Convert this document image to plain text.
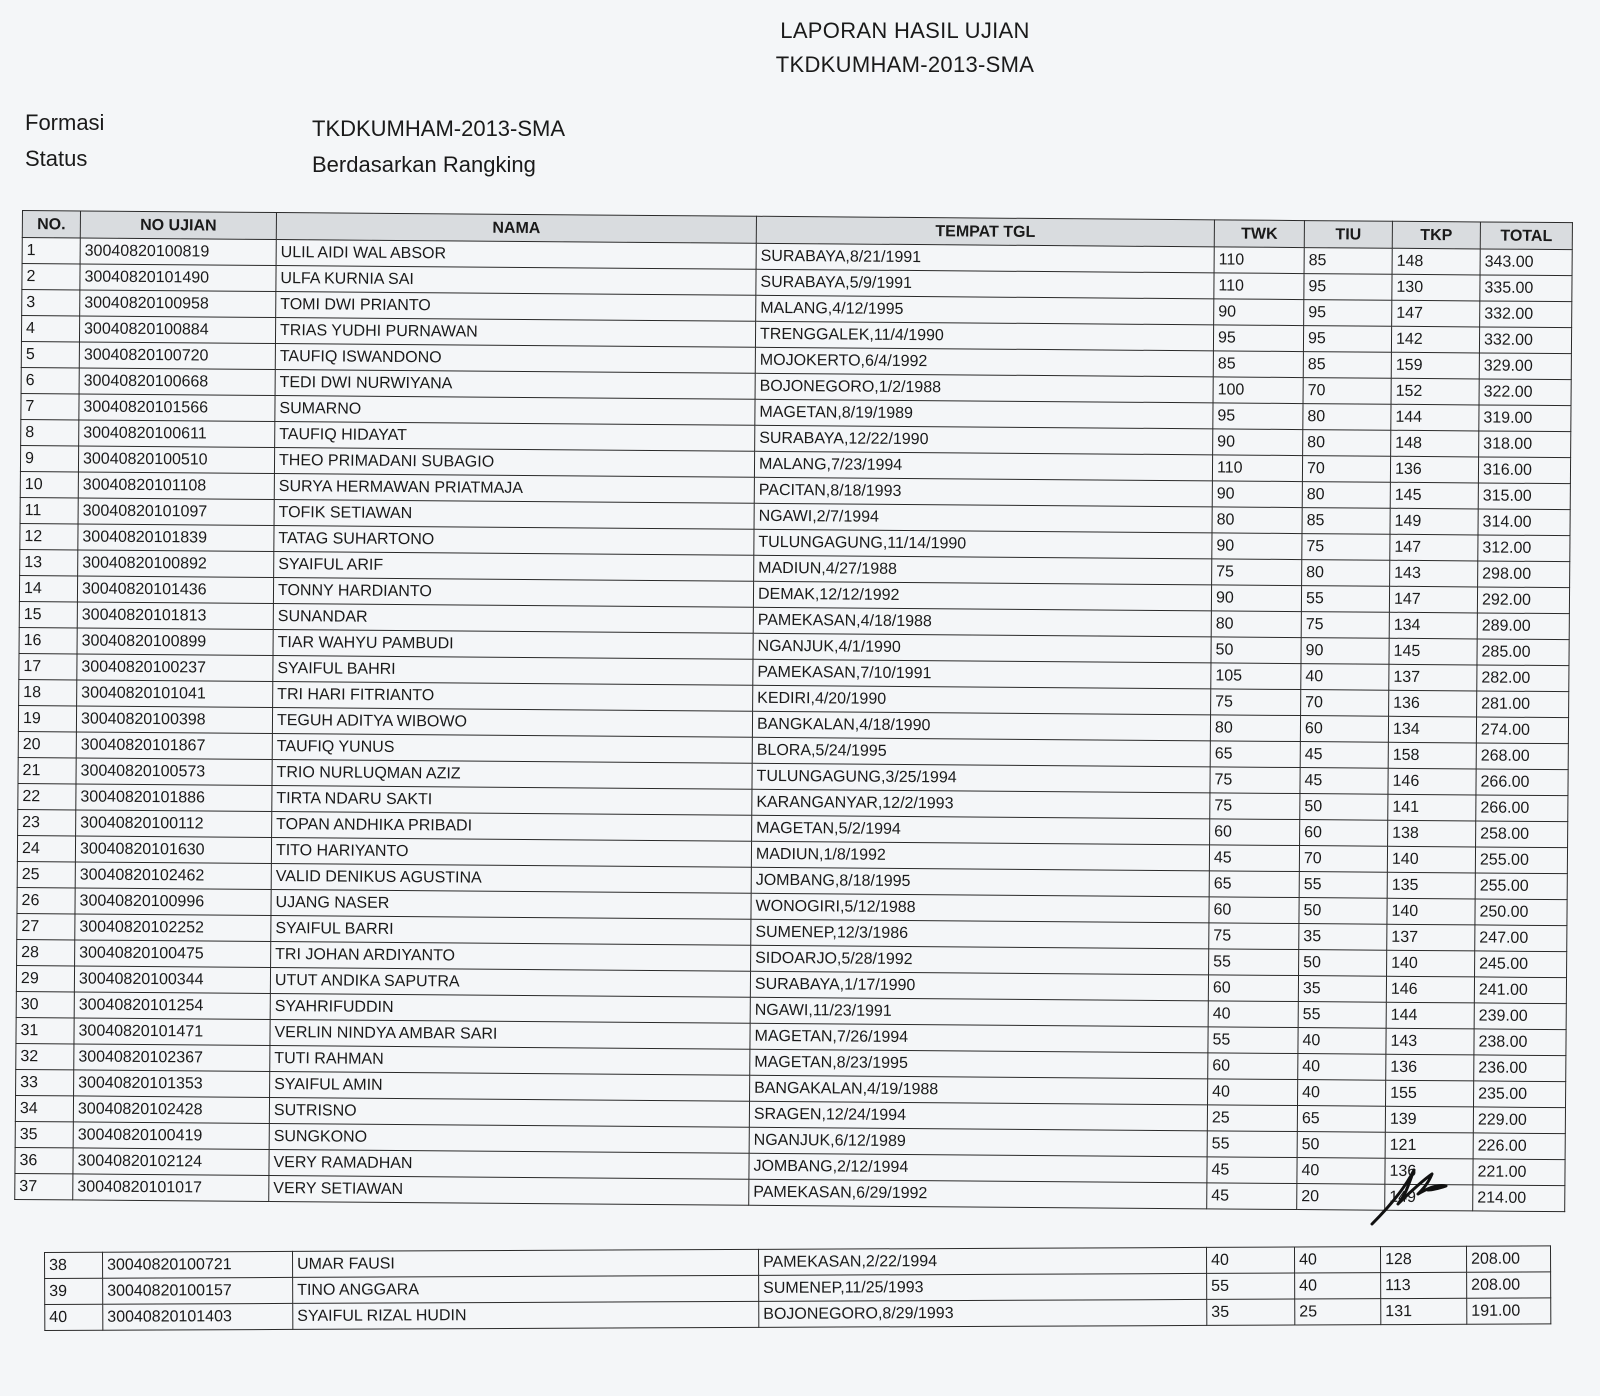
LAPORAN HASIL UJIAN
TKDKUMHAM-2013-SMA
Formasi	TKDKUMHAM-2013-SMA
Status	Berdasarkan Rangking
NO.	NO UJIAN	NAMA	TEMPAT TGL	TWK	TIU	TKP	TOTAL
1	30040820100819	ULIL AIDI WAL ABSOR	SURABAYA,8/21/1991	110	85	148	343.00
2	30040820101490	ULFA KURNIA SAI	SURABAYA,5/9/1991	110	95	130	335.00
3	30040820100958	TOMI DWI PRIANTO	MALANG,4/12/1995	90	95	147	332.00
4	30040820100884	TRIAS YUDHI PURNAWAN	TRENGGALEK,11/4/1990	95	95	142	332.00
5	30040820100720	TAUFIQ ISWANDONO	MOJOKERTO,6/4/1992	85	85	159	329.00
6	30040820100668	TEDI DWI NURWIYANA	BOJONEGORO,1/2/1988	100	70	152	322.00
7	30040820101566	SUMARNO	MAGETAN,8/19/1989	95	80	144	319.00
8	30040820100611	TAUFIQ HIDAYAT	SURABAYA,12/22/1990	90	80	148	318.00
9	30040820100510	THEO PRIMADANI SUBAGIO	MALANG,7/23/1994	110	70	136	316.00
10	30040820101108	SURYA HERMAWAN PRIATMAJA	PACITAN,8/18/1993	90	80	145	315.00
11	30040820101097	TOFIK SETIAWAN	NGAWI,2/7/1994	80	85	149	314.00
12	30040820101839	TATAG SUHARTONO	TULUNGAGUNG,11/14/1990	90	75	147	312.00
13	30040820100892	SYAIFUL ARIF	MADIUN,4/27/1988	75	80	143	298.00
14	30040820101436	TONNY HARDIANTO	DEMAK,12/12/1992	90	55	147	292.00
15	30040820101813	SUNANDAR	PAMEKASAN,4/18/1988	80	75	134	289.00
16	30040820100899	TIAR WAHYU PAMBUDI	NGANJUK,4/1/1990	50	90	145	285.00
17	30040820100237	SYAIFUL BAHRI	PAMEKASAN,7/10/1991	105	40	137	282.00
18	30040820101041	TRI HARI FITRIANTO	KEDIRI,4/20/1990	75	70	136	281.00
19	30040820100398	TEGUH ADITYA WIBOWO	BANGKALAN,4/18/1990	80	60	134	274.00
20	30040820101867	TAUFIQ YUNUS	BLORA,5/24/1995	65	45	158	268.00
21	30040820100573	TRIO NURLUQMAN AZIZ	TULUNGAGUNG,3/25/1994	75	45	146	266.00
22	30040820101886	TIRTA NDARU SAKTI	KARANGANYAR,12/2/1993	75	50	141	266.00
23	30040820100112	TOPAN ANDHIKA PRIBADI	MAGETAN,5/2/1994	60	60	138	258.00
24	30040820101630	TITO HARIYANTO	MADIUN,1/8/1992	45	70	140	255.00
25	30040820102462	VALID DENIKUS AGUSTINA	JOMBANG,8/18/1995	65	55	135	255.00
26	30040820100996	UJANG NASER	WONOGIRI,5/12/1988	60	50	140	250.00
27	30040820102252	SYAIFUL BARRI	SUMENEP,12/3/1986	75	35	137	247.00
28	30040820100475	TRI JOHAN ARDIYANTO	SIDOARJO,5/28/1992	55	50	140	245.00
29	30040820100344	UTUT ANDIKA SAPUTRA	SURABAYA,1/17/1990	60	35	146	241.00
30	30040820101254	SYAHRIFUDDIN	NGAWI,11/23/1991	40	55	144	239.00
31	30040820101471	VERLIN NINDYA AMBAR SARI	MAGETAN,7/26/1994	55	40	143	238.00
32	30040820102367	TUTI RAHMAN	MAGETAN,8/23/1995	60	40	136	236.00
33	30040820101353	SYAIFUL AMIN	BANGAKALAN,4/19/1988	40	40	155	235.00
34	30040820102428	SUTRISNO	SRAGEN,12/24/1994	25	65	139	229.00
35	30040820100419	SUNGKONO	NGANJUK,6/12/1989	55	50	121	226.00
36	30040820102124	VERY RAMADHAN	JOMBANG,2/12/1994	45	40	136	221.00
37	30040820101017	VERY SETIAWAN	PAMEKASAN,6/29/1992	45	20	149	214.00
38	30040820100721	UMAR FAUSI	PAMEKASAN,2/22/1994	40	40	128	208.00
39	30040820100157	TINO ANGGARA	SUMENEP,11/25/1993	55	40	113	208.00
40	30040820101403	SYAIFUL RIZAL HUDIN	BOJONEGORO,8/29/1993	35	25	131	191.00
